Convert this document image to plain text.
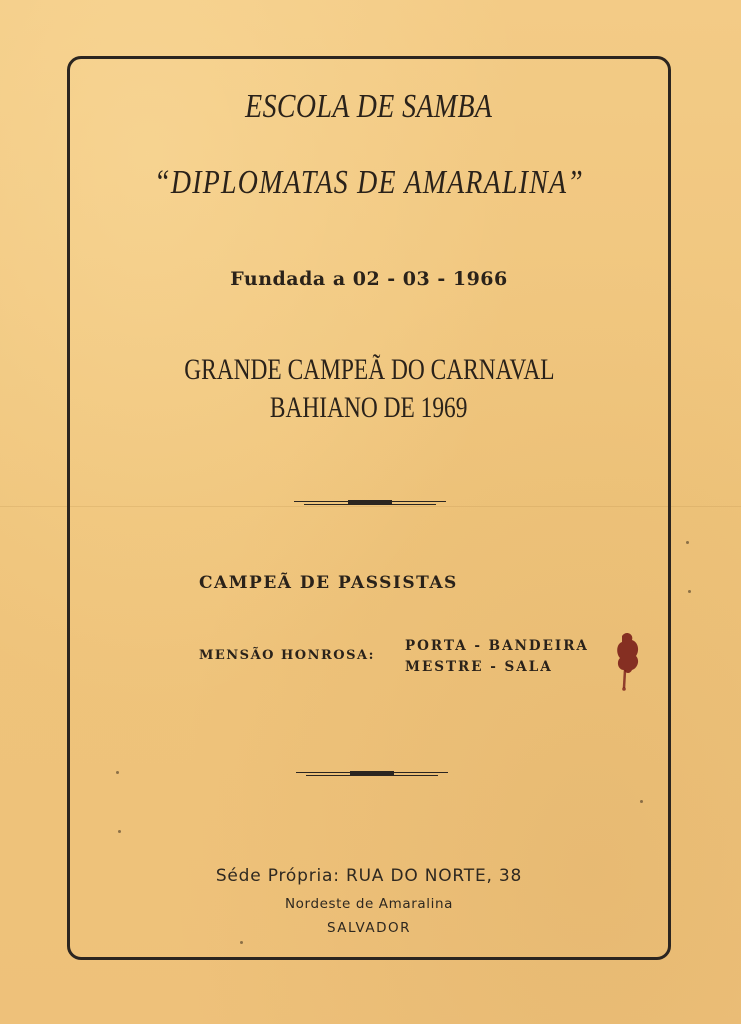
ESCOLA DE SAMBA
“DIPLOMATAS DE AMARALINA”
Fundada a 02 - 03 - 1966
GRANDE CAMPEÃ DO CARNAVAL
BAHIANO DE 1969
CAMPEÃ DE PASSISTAS
MENSÃO HONROSA:
PORTA - BANDEIRA
MESTRE - SALA
Séde Própria: RUA DO NORTE, 38
Nordeste de Amaralina
SALVADOR
